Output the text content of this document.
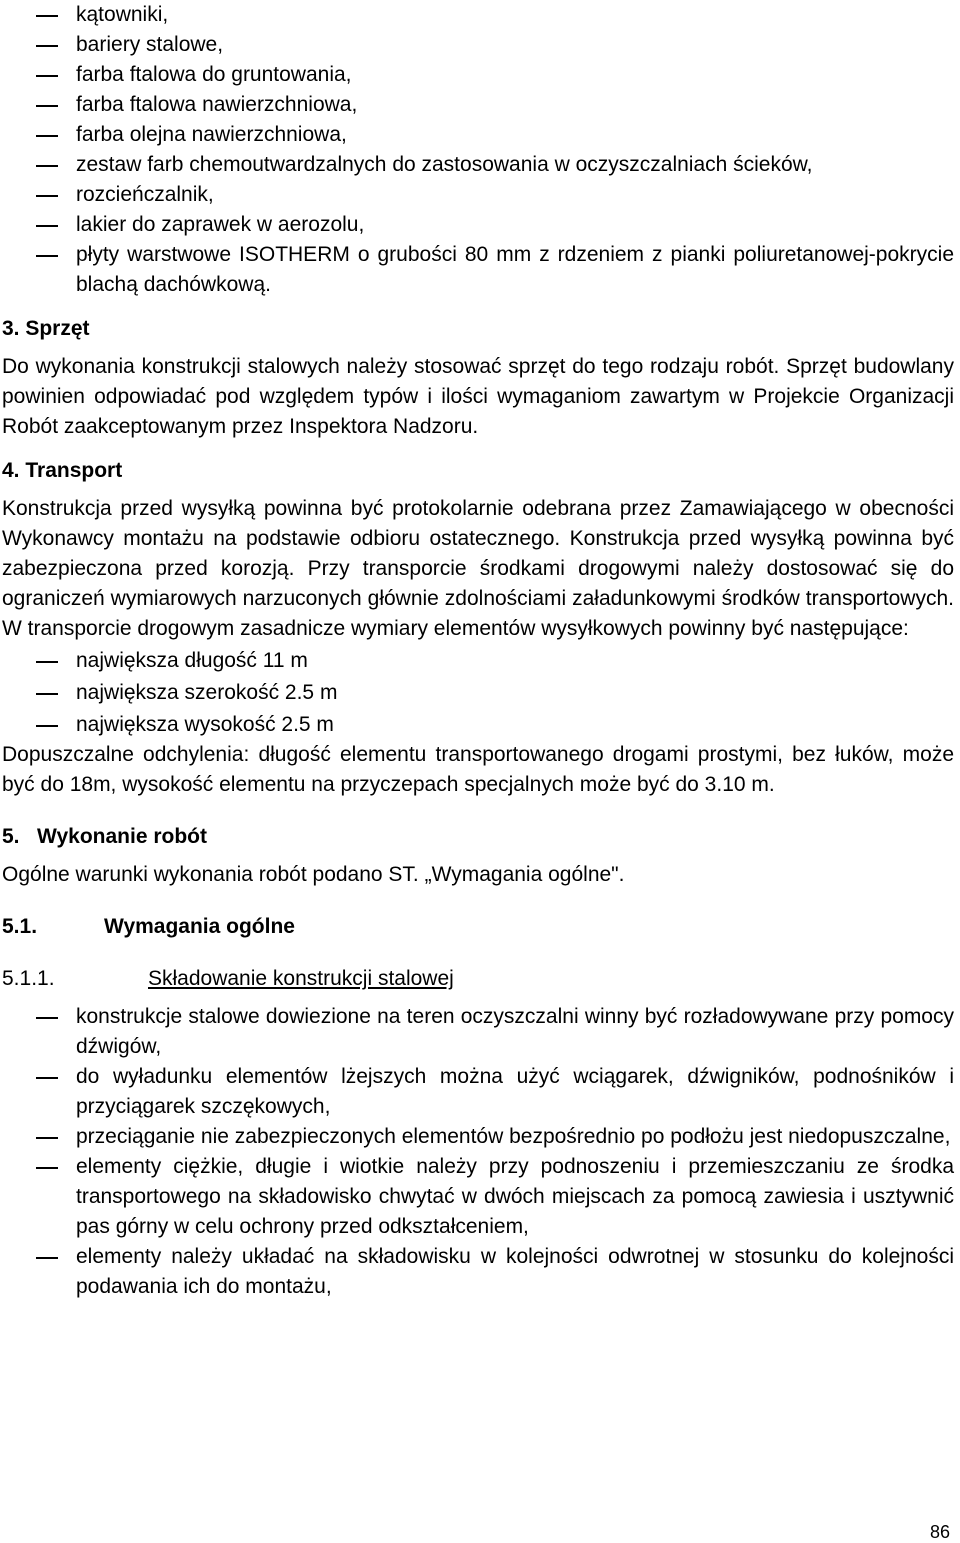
kątowniki,
bariery stalowe,
farba ftalowa do gruntowania,
farba ftalowa nawierzchniowa,
farba olejna nawierzchniowa,
zestaw farb chemoutwardzalnych do zastosowania w oczyszczalniach ścieków,
rozcieńczalnik,
lakier do zaprawek w aerozolu,
płyty warstwowe ISOTHERM o grubości 80 mm z rdzeniem z pianki poliuretanowej-pokrycie blachą dachówkową.

3. Sprzęt

Do wykonania konstrukcji stalowych należy stosować sprzęt do tego rodzaju robót. Sprzęt budowlany powinien odpowiadać pod względem typów i ilości wymaganiom zawartym w Projekcie Organizacji Robót zaakceptowanym przez Inspektora Nadzoru.

4. Transport

Konstrukcja przed wysyłką powinna być protokolarnie odebrana przez Zamawiającego w obecności Wykonawcy montażu na podstawie odbioru ostatecznego. Konstrukcja przed wysyłką powinna być zabezpieczona przed korozją. Przy transporcie środkami drogowymi należy dostosować się do ograniczeń wymiarowych narzuconych głównie zdolnościami załadunkowymi środków transportowych. W transporcie drogowym zasadnicze wymiary elementów wysyłkowych powinny być następujące:

największa długość 11 m
największa szerokość 2.5 m
największa wysokość 2.5 m

Dopuszczalne odchylenia: długość elementu transportowanego drogami prostymi, bez łuków, może być do 18m, wysokość elementu na przyczepach specjalnych może być do 3.10 m.

5. Wykonanie robót

Ogólne warunki wykonania robót podano ST. „Wymagania ogólne".

5.1.	Wymagania ogólne
5.1.1.	Składowanie konstrukcji stalowej
konstrukcje stalowe dowiezione na teren oczyszczalni winny być rozładowywane przy pomocy dźwigów,
do wyładunku elementów lżejszych można użyć wciągarek, dźwigników, podnośników i przyciągarek szczękowych,
przeciąganie nie zabezpieczonych elementów bezpośrednio po podłożu jest niedopuszczalne,
elementy ciężkie, długie i wiotkie należy przy podnoszeniu i przemieszczaniu ze środka transportowego na składowisko chwytać w dwóch miejscach za pomocą zawiesia i usztywnić pas górny w celu ochrony przed odkształceniem,
elementy należy układać na składowisku w kolejności odwrotnej w stosunku do kolejności podawania ich do montażu,
86
